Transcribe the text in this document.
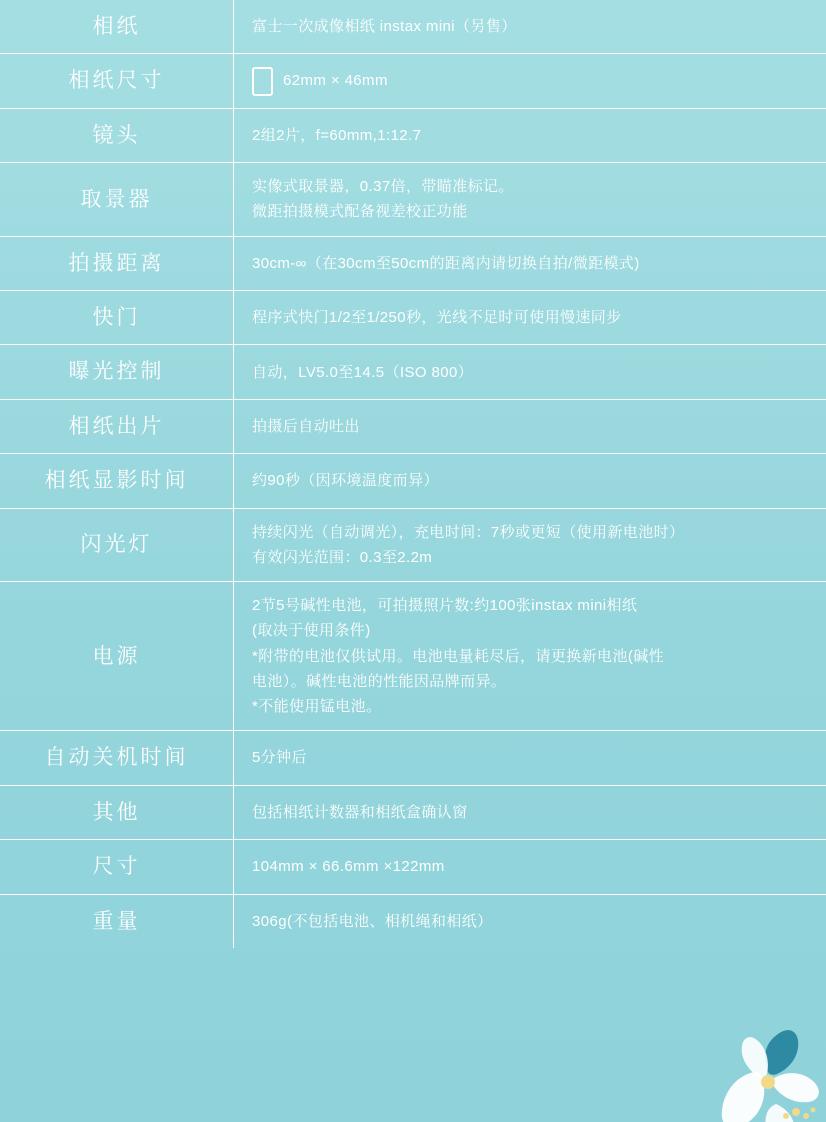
相纸	富士一次成像相纸 instax mini（另售）

相纸尺寸	62mm × 46mm

镜头	2组2片，f=60mm,1:12.7

取景器	实像式取景器，0.37倍，带瞄准标记。
微距拍摄模式配备视差校正功能

拍摄距离	30cm-∞（在30cm至50cm的距离内请切换自拍/微距模式)

快门	程序式快门1/2至1/250秒，光线不足时可使用慢速同步

曝光控制	自动，LV5.0至14.5（ISO 800）

相纸出片	拍摄后自动吐出

相纸显影时间	约90秒（因环境温度而异）

闪光灯	持续闪光（自动调光），充电时间：7秒或更短（使用新电池时）
有效闪光范围：0.3至2.2m

电源	2节5号碱性电池，可拍摄照片数:约100张instax mini相纸
(取决于使用条件)
*附带的电池仅供试用。电池电量耗尽后，请更换新电池(碱性
电池）。碱性电池的性能因品牌而异。
*不能使用锰电池。

自动关机时间	5分钟后

其他	包括相纸计数器和相纸盒确认窗

尺寸	104mm × 66.6mm ×122mm

重量	306g(不包括电池、相机绳和相纸）
